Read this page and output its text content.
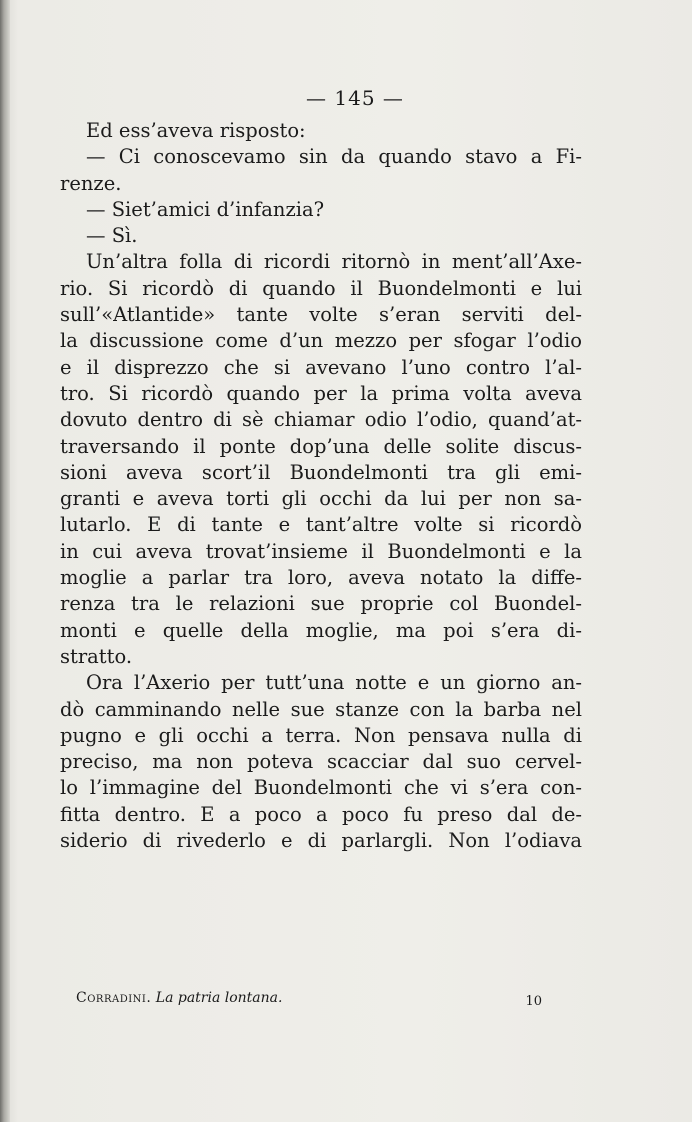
— 145 —
Ed ess’aveva risposto:
— Ci conoscevamo sin da quando stavo a Fi-
renze.
— Siet’amici d’infanzia?
— Sì.
Un’altra folla di ricordi ritornò in ment’all’Axe-
rio. Si ricordò di quando il Buondelmonti e lui
sull’«Atlantide» tante volte s’eran serviti del-
la discussione come d’un mezzo per sfogar l’odio
e il disprezzo che si avevano l’uno contro l’al-
tro. Si ricordò quando per la prima volta aveva
dovuto dentro di sè chiamar odio l’odio, quand’at-
traversando il ponte dop’una delle solite discus-
sioni aveva scort’il Buondelmonti tra gli emi-
granti e aveva torti gli occhi da lui per non sa-
lutarlo. E di tante e tant’altre volte si ricordò
in cui aveva trovat’insieme il Buondelmonti e la
moglie a parlar tra loro, aveva notato la diffe-
renza tra le relazioni sue proprie col Buondel-
monti e quelle della moglie, ma poi s’era di-
stratto.
Ora l’Axerio per tutt’una notte e un giorno an-
dò camminando nelle sue stanze con la barba nel
pugno e gli occhi a terra. Non pensava nulla di
preciso, ma non poteva scacciar dal suo cervel-
lo l’immagine del Buondelmonti che vi s’era con-
fitta dentro. E a poco a poco fu preso dal de-
siderio di rivederlo e di parlargli. Non l’odiava
Corradini. La patria lontana.	10
